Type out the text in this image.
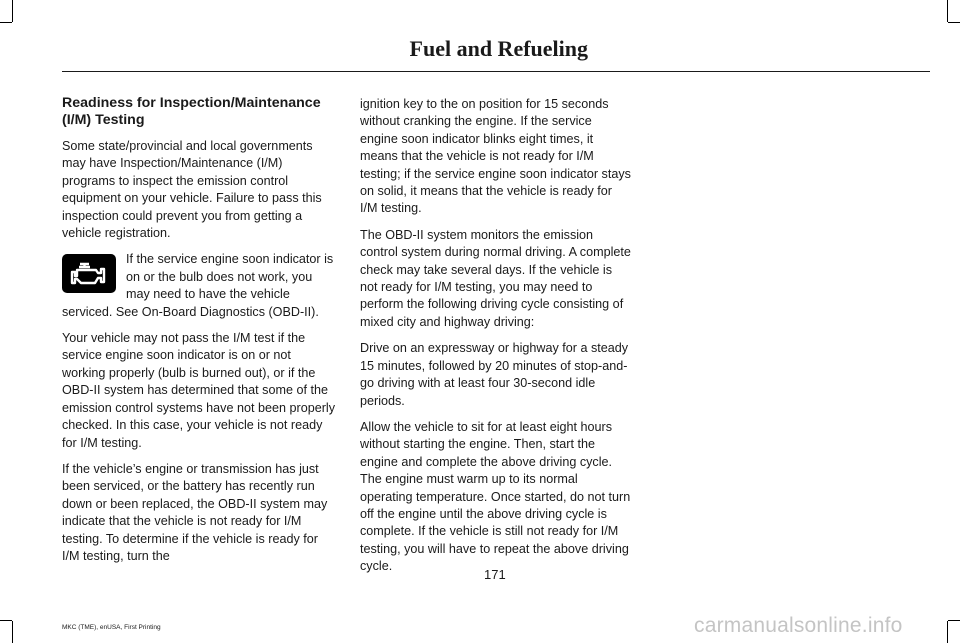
Fuel and Refueling
Readiness for Inspection/Maintenance (I/M) Testing

Some state/provincial and local governments may have Inspection/Maintenance (I/M) programs to inspect the emission control equipment on your vehicle. Failure to pass this inspection could prevent you from getting a vehicle registration.

If the service engine soon indicator is on or the bulb does not work, you may need to have the vehicle serviced. See On-Board Diagnostics (OBD-II).

Your vehicle may not pass the I/M test if the service engine soon indicator is on or not working properly (bulb is burned out), or if the OBD-II system has determined that some of the emission control systems have not been properly checked. In this case, your vehicle is not ready for I/M testing.

If the vehicle’s engine or transmission has just been serviced, or the battery has recently run down or been replaced, the OBD-II system may indicate that the vehicle is not ready for I/M testing. To determine if the vehicle is ready for I/M testing, turn the

ignition key to the on position for 15 seconds without cranking the engine. If the service engine soon indicator blinks eight times, it means that the vehicle is not ready for I/M testing; if the service engine soon indicator stays on solid, it means that the vehicle is ready for I/M testing.

The OBD-II system monitors the emission control system during normal driving. A complete check may take several days. If the vehicle is not ready for I/M testing, you may need to perform the following driving cycle consisting of mixed city and highway driving:

Drive on an expressway or highway for a steady 15 minutes, followed by 20 minutes of stop-and-go driving with at least four 30-second idle periods.

Allow the vehicle to sit for at least eight hours without starting the engine. Then, start the engine and complete the above driving cycle. The engine must warm up to its normal operating temperature. Once started, do not turn off the engine until the above driving cycle is complete. If the vehicle is still not ready for I/M testing, you will have to repeat the above driving cycle.

171
MKC (TME), enUSA, First Printing	carmanualsonline.info
